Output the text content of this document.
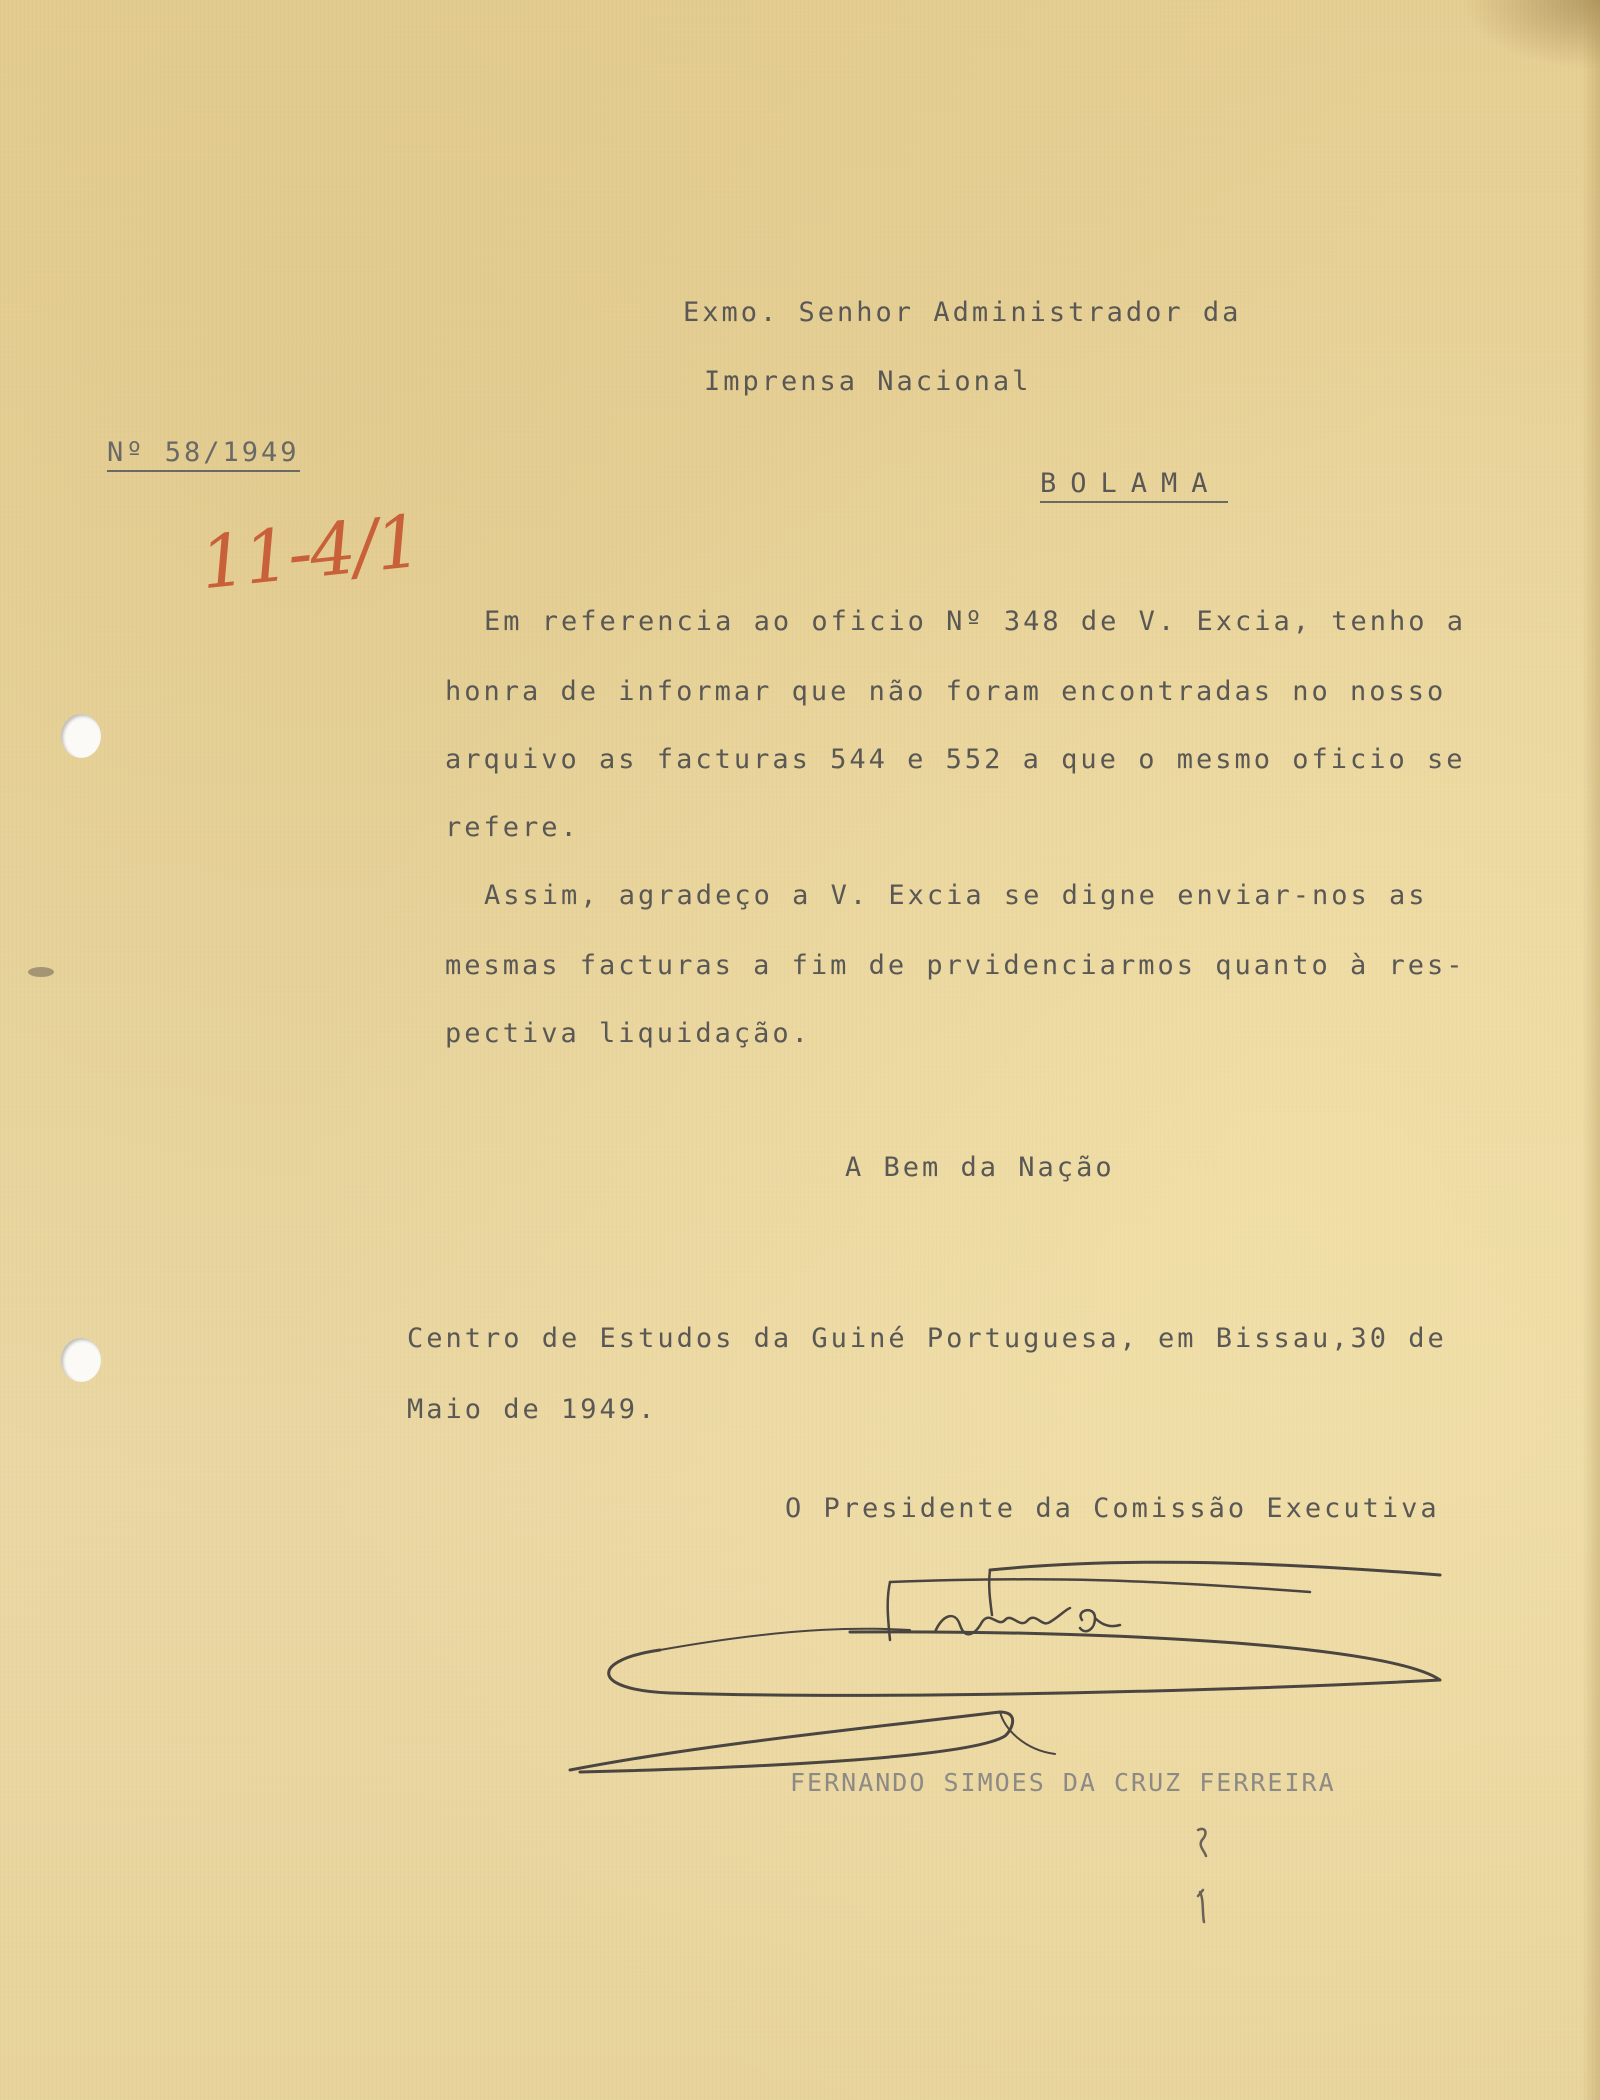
Exmo. Senhor Administrador da
Imprensa Nacional
Nº 58/1949
BOLAMA
11-4/1
Em referencia ao oficio Nº 348 de V. Excia, tenho a
honra de informar que não foram encontradas no nosso
arquivo as facturas 544 e 552 a que o mesmo oficio se
refere.
Assim, agradeço a V. Excia se digne enviar-nos as
mesmas facturas a fim de prvidenciarmos quanto à res-
pectiva liquidação.
A Bem da Nação
Centro de Estudos da Guiné Portuguesa, em Bissau,30 de
Maio de 1949.
O Presidente da Comissão Executiva
FERNANDO SIMOES DA CRUZ FERREIRA
